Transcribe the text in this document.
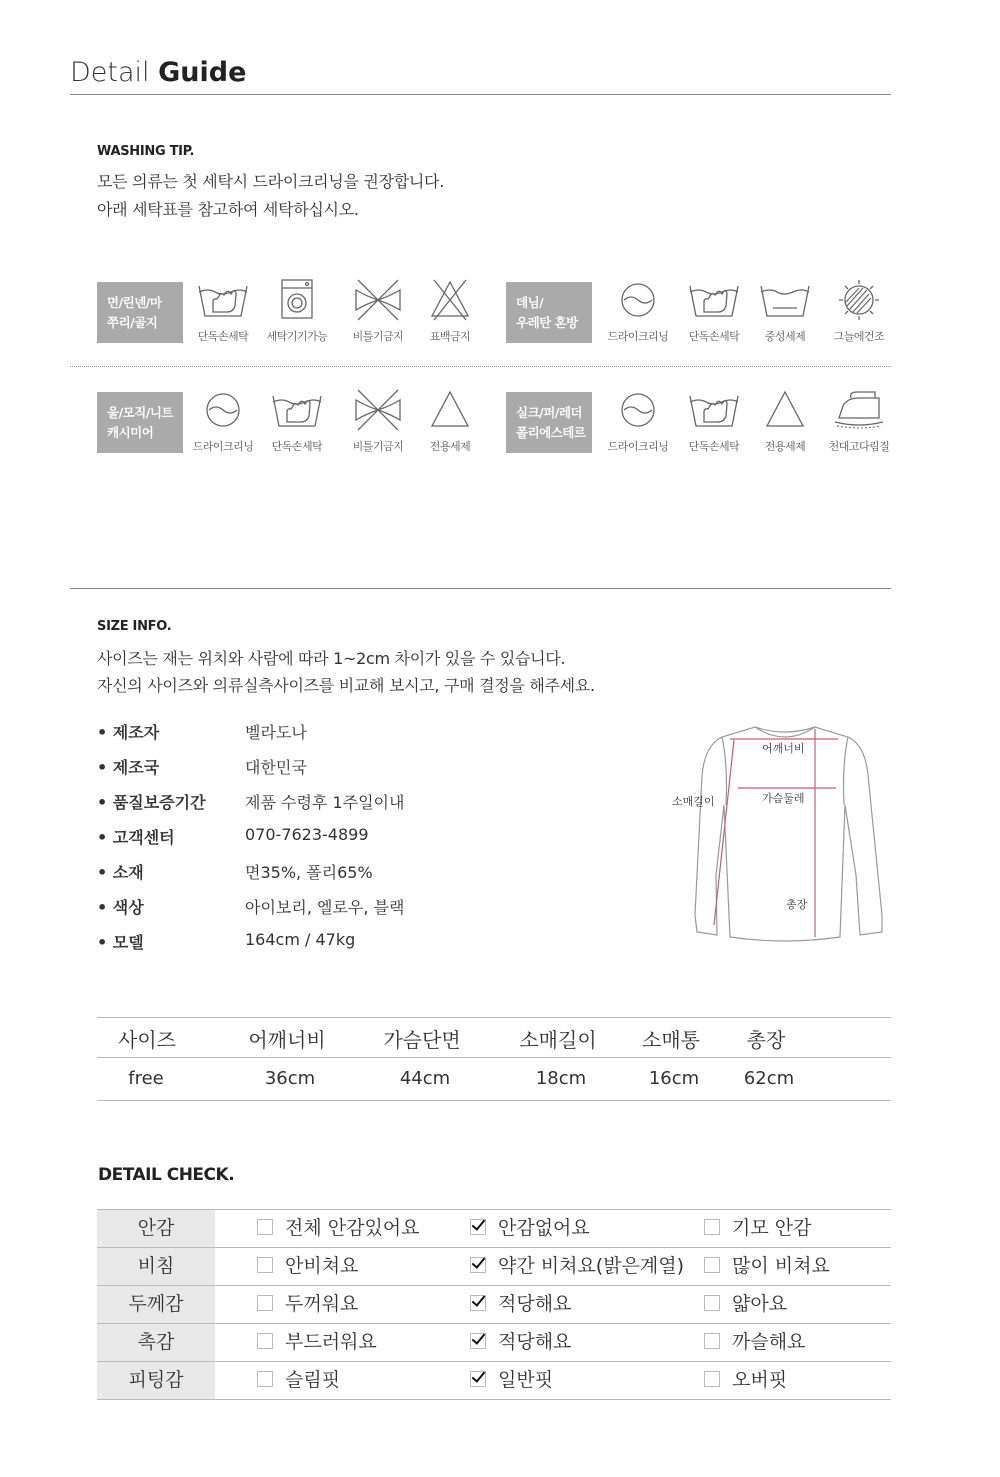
Detail Guide
WASHING TIP.
모든 의류는 첫 세탁시 드라이크리닝을 권장합니다.
아래 세탁표를 참고하여 세탁하십시오.
면/린넨/마
쭈리/골지
단독손세탁	세탁기기가능	비틀기금지	표백금지
데님/
우레탄 혼방
드라이크리닝	단독손세탁	중성세제	그늘에건조
울/모직/니트
캐시미어
드라이크리닝	단독손세탁	비틀기금지	전용세제
실크/퍼/레더
폴리에스테르
드라이크리닝	단독손세탁	전용세제	천대고다림질
SIZE INFO.
사이즈는 재는 위치와 사람에 따라 1~2cm 차이가 있을 수 있습니다.
자신의 사이즈와 의류실측사이즈를 비교해 보시고, 구매 결정을 해주세요.
• 제조자	벨라도나
• 제조국	대한민국
• 품질보증기간 제품 수령후 1주일이내
• 고객센터	070-7623-4899
• 소재	면35%, 폴리65%
• 색상	아이보리, 엘로우, 블랙
• 모델	164cm / 47kg
어깨너비
소매길이	가슴둘레
총장
사이즈	어깨너비	가슴단면	소매길이 소매통 총장
free	36cm	44cm	18cm	16cm 62cm
DETAIL CHECK.
안감	전체 안감있어요	안감없어요	기모 안감
비침	안비쳐요	약간 비쳐요(밝은계열)	많이 비쳐요
두께감	두꺼워요	적당해요	얇아요
촉감	부드러워요	적당해요	까슬해요
피팅감	슬림핏	일반핏	오버핏
